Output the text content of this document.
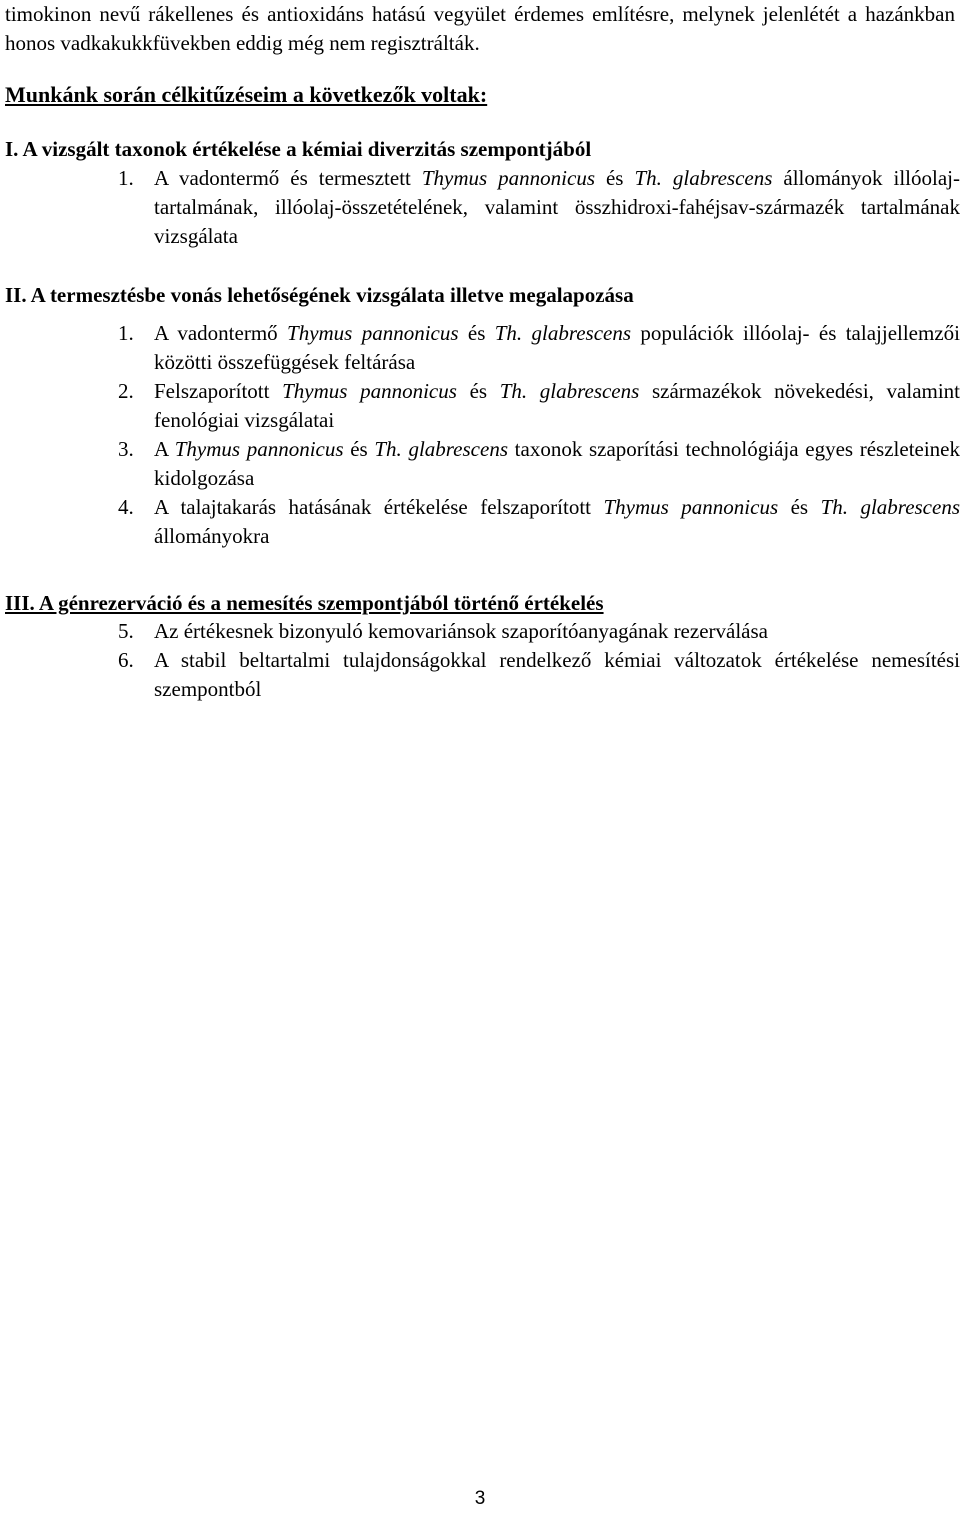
timokinon nevű rákellenes és antioxidáns hatású vegyület érdemes említésre, melynek jelenlétét a hazánkban honos vadkakukkfüvekben eddig még nem regisztrálták.

Munkánk során célkitűzéseim a következők voltak:
I. A vizsgált taxonok értékelése a kémiai diverzitás szempontjából
1. A vadontermő és termesztett Thymus pannonicus és Th. glabrescens állományok illóolaj-tartalmának, illóolaj-összetételének, valamint összhidroxi-fahéjsav-származék tartalmának vizsgálata
II. A termesztésbe vonás lehetőségének vizsgálata illetve megalapozása
1. A vadontermő Thymus pannonicus és Th. glabrescens populációk illóolaj- és talajjellemzői közötti összefüggések feltárása
2. Felszaporított Thymus pannonicus és Th. glabrescens származékok növekedési, valamint fenológiai vizsgálatai
3. A Thymus pannonicus és Th. glabrescens taxonok szaporítási technológiája egyes részleteinek kidolgozása
4. A talajtakarás hatásának értékelése felszaporított Thymus pannonicus és Th. glabrescens állományokra
III. A génrezerváció és a nemesítés szempontjából történő értékelés
5. Az értékesnek bizonyuló kemovariánsok szaporítóanyagának rezerválása
6. A stabil beltartalmi tulajdonságokkal rendelkező kémiai változatok értékelése nemesítési szempontból
3
